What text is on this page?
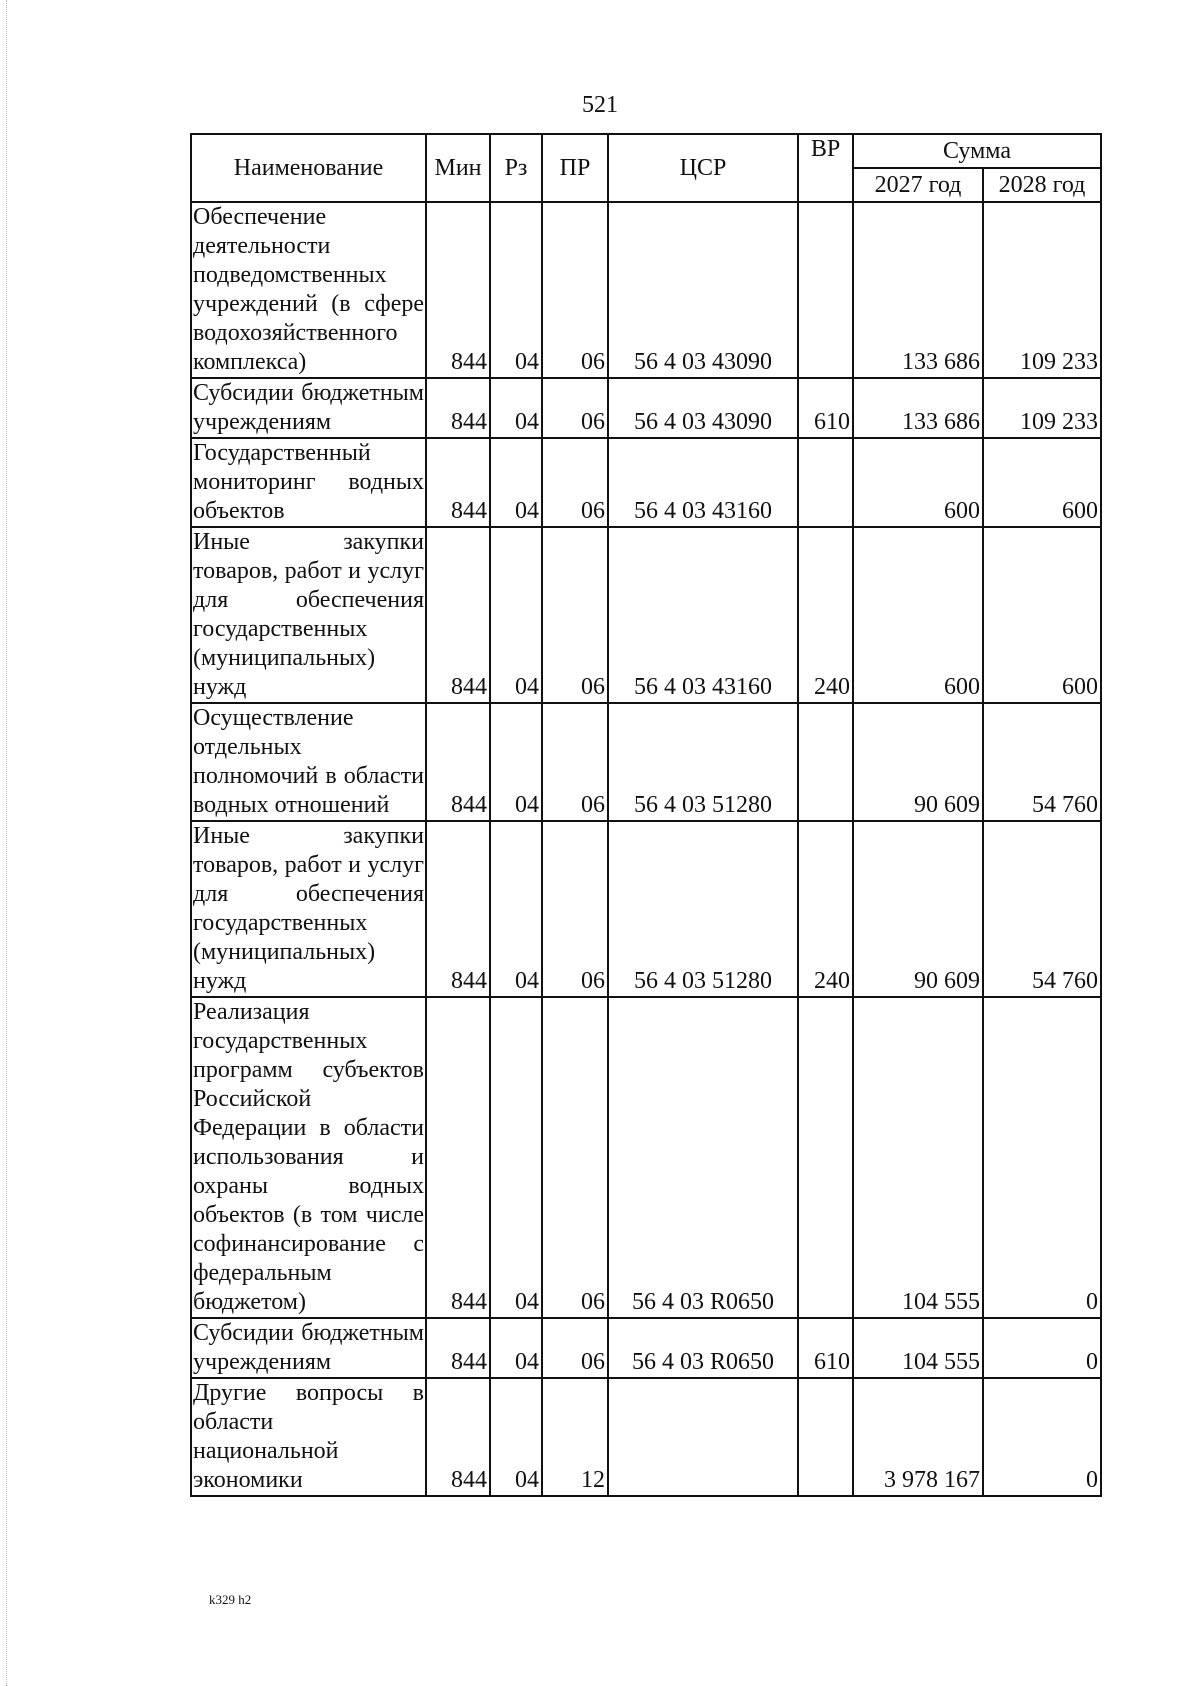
521
Наименование	Мин	Рз	ПР	ЦСР	ВР	Сумма	
						2027 год	2028 год
Обеспечение деятельности подведомственных учреждений (в сфере водохозяйственного комплекса)	844	04	06	56 4 03 43090		133 686	109 233
Субсидии бюджетным учреждениям	844	04	06	56 4 03 43090	610	133 686	109 233
Государственный мониторинг водных объектов	844	04	06	56 4 03 43160		600	600
Иные закупки товаров, работ и услуг для обеспечения государственных (муниципальных) нужд	844	04	06	56 4 03 43160	240	600	600
Осуществление отдельных полномочий в области водных отношений	844	04	06	56 4 03 51280		90 609	54 760
Иные закупки товаров, работ и услуг для обеспечения государственных (муниципальных) нужд	844	04	06	56 4 03 51280	240	90 609	54 760
Реализация государственных программ субъектов Российской Федерации в области использования и охраны водных объектов (в том числе софинансирование с федеральным бюджетом)	844	04	06	56 4 03 R0650		104 555	0
Субсидии бюджетным учреждениям	844	04	06	56 4 03 R0650	610	104 555	0
Другие вопросы в области национальной экономики	844	04	12			3 978 167	0
k329 h2
